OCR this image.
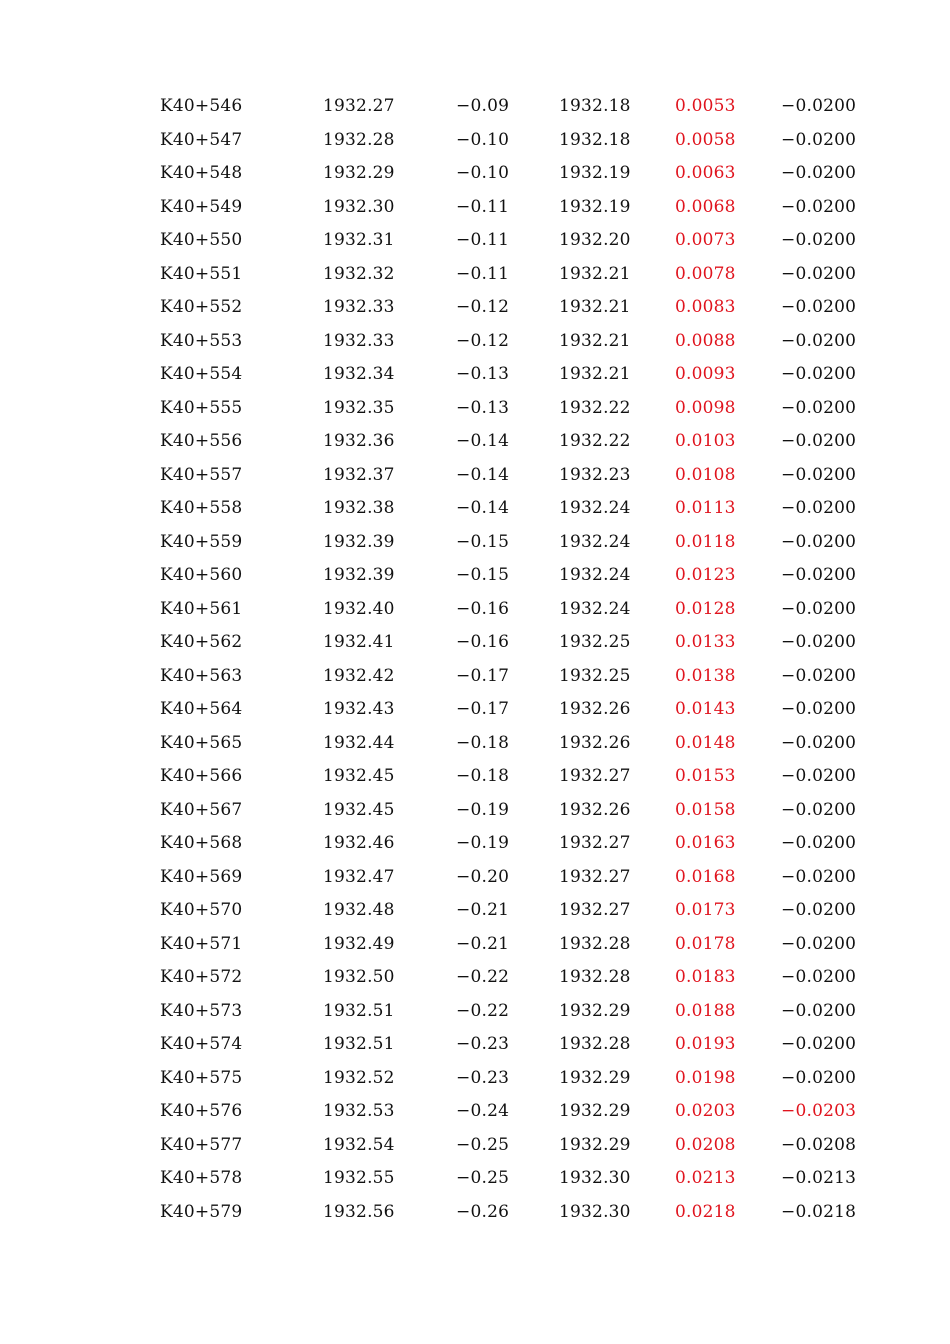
K40+546	1932.27	−0.09	1932.18	0.0053	−0.0200
K40+547	1932.28	−0.10	1932.18	0.0058	−0.0200
K40+548	1932.29	−0.10	1932.19	0.0063	−0.0200
K40+549	1932.30	−0.11	1932.19	0.0068	−0.0200
K40+550	1932.31	−0.11	1932.20	0.0073	−0.0200
K40+551	1932.32	−0.11	1932.21	0.0078	−0.0200
K40+552	1932.33	−0.12	1932.21	0.0083	−0.0200
K40+553	1932.33	−0.12	1932.21	0.0088	−0.0200
K40+554	1932.34	−0.13	1932.21	0.0093	−0.0200
K40+555	1932.35	−0.13	1932.22	0.0098	−0.0200
K40+556	1932.36	−0.14	1932.22	0.0103	−0.0200
K40+557	1932.37	−0.14	1932.23	0.0108	−0.0200
K40+558	1932.38	−0.14	1932.24	0.0113	−0.0200
K40+559	1932.39	−0.15	1932.24	0.0118	−0.0200
K40+560	1932.39	−0.15	1932.24	0.0123	−0.0200
K40+561	1932.40	−0.16	1932.24	0.0128	−0.0200
K40+562	1932.41	−0.16	1932.25	0.0133	−0.0200
K40+563	1932.42	−0.17	1932.25	0.0138	−0.0200
K40+564	1932.43	−0.17	1932.26	0.0143	−0.0200
K40+565	1932.44	−0.18	1932.26	0.0148	−0.0200
K40+566	1932.45	−0.18	1932.27	0.0153	−0.0200
K40+567	1932.45	−0.19	1932.26	0.0158	−0.0200
K40+568	1932.46	−0.19	1932.27	0.0163	−0.0200
K40+569	1932.47	−0.20	1932.27	0.0168	−0.0200
K40+570	1932.48	−0.21	1932.27	0.0173	−0.0200
K40+571	1932.49	−0.21	1932.28	0.0178	−0.0200
K40+572	1932.50	−0.22	1932.28	0.0183	−0.0200
K40+573	1932.51	−0.22	1932.29	0.0188	−0.0200
K40+574	1932.51	−0.23	1932.28	0.0193	−0.0200
K40+575	1932.52	−0.23	1932.29	0.0198	−0.0200
K40+576	1932.53	−0.24	1932.29	0.0203	−0.0203
K40+577	1932.54	−0.25	1932.29	0.0208	−0.0208
K40+578	1932.55	−0.25	1932.30	0.0213	−0.0213
K40+579	1932.56	−0.26	1932.30	0.0218	−0.0218
